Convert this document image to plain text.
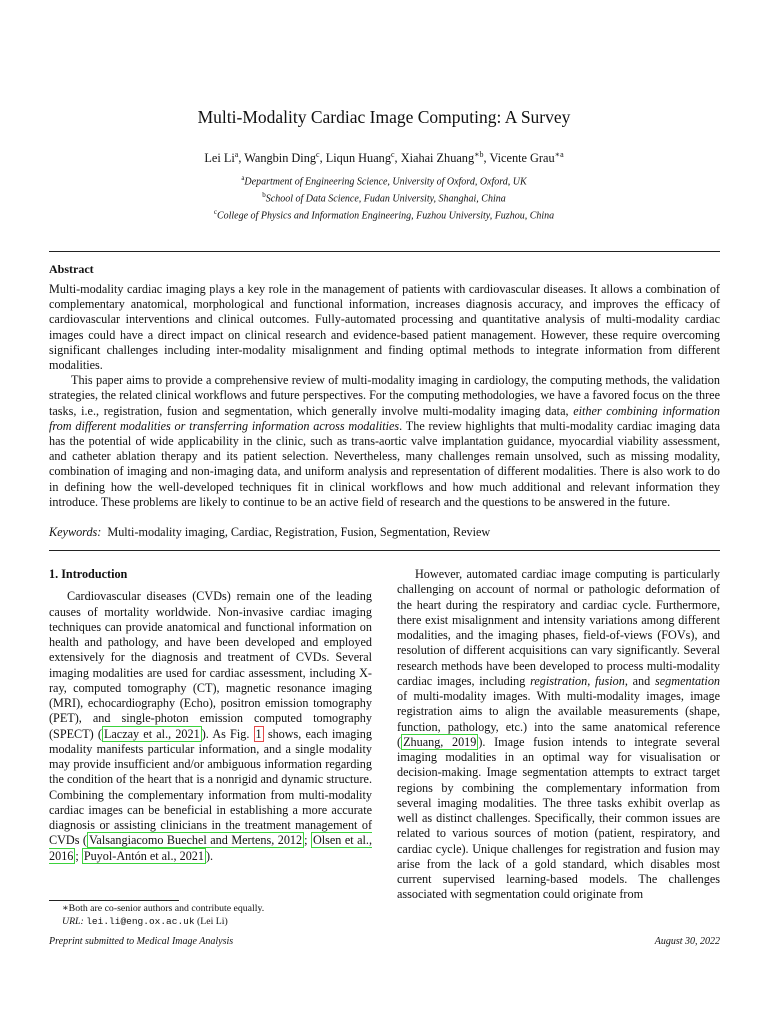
Multi-Modality Cardiac Image Computing: A Survey
Lei Li$^a$, Wangbin Ding$^c$, Liqun Huang$^c$, Xiahai Zhuang$^{∗b}$, Vicente Grau$^{∗a}$
$^a$Department of Engineering Science, University of Oxford, Oxford, UK
$^b$School of Data Science, Fudan University, Shanghai, China
$^c$College of Physics and Information Engineering, Fuzhou University, Fuzhou, China
Abstract

Multi-modality cardiac imaging plays a key role in the management of patients with cardiovascular diseases. It allows a combination of complementary anatomical, morphological and functional information, increases diagnosis accuracy, and improves the efficacy of cardiovascular interventions and clinical outcomes. Fully-automated processing and quantitative analysis of multi-modality cardiac images could have a direct impact on clinical research and evidence-based patient management. However, these require overcoming significant challenges including inter-modality misalignment and finding optimal methods to integrate information from different modalities.

This paper aims to provide a comprehensive review of multi-modality imaging in cardiology, the computing methods, the validation strategies, the related clinical workflows and future perspectives. For the computing methodologies, we have a favored focus on the three tasks, i.e., registration, fusion and segmentation, which generally involve multi-modality imaging data, either combining information from different modalities or transferring information across modalities. The review highlights that multi-modality cardiac imaging data has the potential of wide applicability in the clinic, such as trans-aortic valve implantation guidance, myocardial viability assessment, and catheter ablation therapy and its patient selection. Nevertheless, many challenges remain unsolved, such as missing modality, combination of imaging and non-imaging data, and uniform analysis and representation of different modalities. There is also work to do in defining how the well-developed techniques fit in clinical workflows and how much additional and relevant information they introduce. These problems are likely to continue to be an active field of research and the questions to be answered in the future.

Keywords: Multi-modality imaging, Cardiac, Registration, Fusion, Segmentation, Review
1. Introduction

Cardiovascular diseases (CVDs) remain one of the leading causes of mortality worldwide. Non-invasive cardiac imaging techniques can provide anatomical and functional information on health and pathology, and have been developed and employed extensively for the diagnosis and treatment of CVDs. Several imaging modalities are used for cardiac assessment, including X-ray, computed tomography (CT), magnetic resonance imaging (MRI), echocardiography (Echo), positron emission tomography (PET), and single-photon emission computed tomography (SPECT) ( Laczay et al., 2021 ). As Fig. 1 shows, each imaging modality manifests particular information, and a single modality may provide insufficient and/or ambiguous information regarding the condition of the heart that is a nonrigid and dynamic structure. Combining the complementary information from multi-modality cardiac images can be beneficial in establishing a more accurate diagnosis or assisting clinicians in the treatment management of CVDs ( Valsangiacomo Buechel and Mertens, 2012 ; Olsen et al., 2016 ; Puyol-Antón et al., 2021 ).

However, automated cardiac image computing is particularly challenging on account of normal or pathologic deformation of the heart during the respiratory and cardiac cycle. Furthermore, there exist misalignment and intensity variations among different modalities, and the imaging phases, field-of-views (FOVs), and resolution of different acquisitions can vary significantly. Several research methods have been developed to process multi-modality cardiac images, including registration, fusion, and segmentation of multi-modality images. With multi-modality images, image registration aims to align the available measurements (shape, function, pathology, etc.) into the same anatomical reference ( Zhuang, 2019 ). Image fusion intends to integrate several imaging modalities in an optimal way for visualisation or decision-making. Image segmentation attempts to extract target regions by combining the complementary information from several imaging modalities. The three tasks exhibit overlap as well as distinct challenges. Specifically, their common issues are related to various sources of motion (patient, respiratory, and cardiac cycle). Unique challenges for registration and fusion may arise from the lack of a gold standard, which disables most current supervised learning-based models. The challenges associated with segmentation could originate from

∗Both are co-senior authors and contribute equally.
URL: lei.li@eng.ox.ac.uk (Lei Li)
Preprint submitted to Medical Image Analysis	August 30, 2022
